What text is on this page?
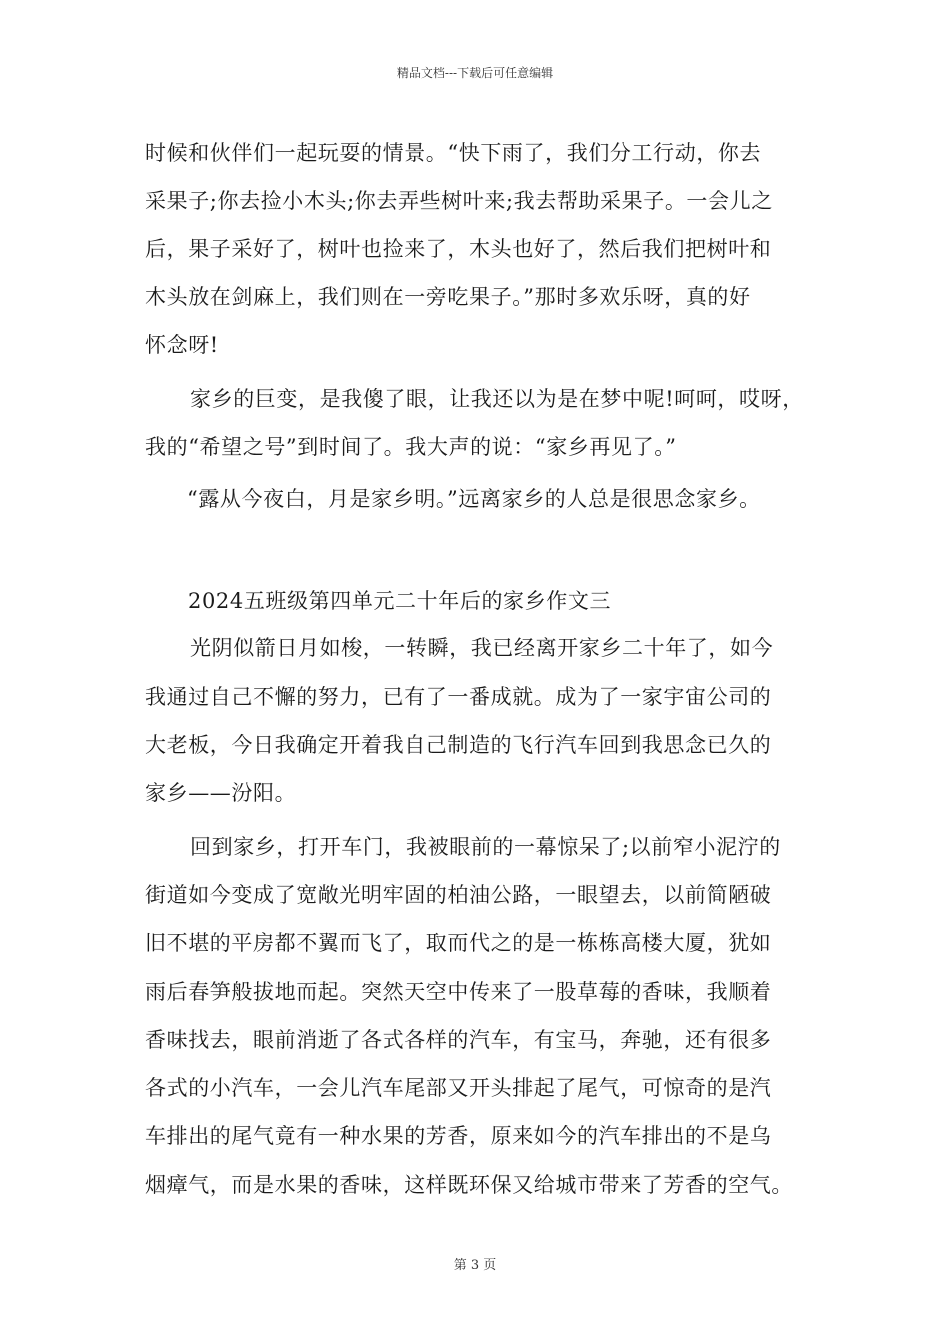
精品文档---下载后可任意编辑
时候和伙伴们一起玩耍的情景。“快下雨了，我们分工行动，你去
采果子;你去捡小木头;你去弄些树叶来;我去帮助采果子。一会儿之
后，果子采好了，树叶也捡来了，木头也好了，然后我们把树叶和
木头放在剑麻上，我们则在一旁吃果子。”那时多欢乐呀，真的好
怀念呀!
家乡的巨变，是我傻了眼，让我还以为是在梦中呢!呵呵，哎呀，
我的“希望之号”到时间了。我大声的说：“家乡再见了。”
“露从今夜白，月是家乡明。”远离家乡的人总是很思念家乡。
2024五班级第四单元二十年后的家乡作文三
光阴似箭日月如梭，一转瞬，我已经离开家乡二十年了，如今
我通过自己不懈的努力，已有了一番成就。成为了一家宇宙公司的
大老板，今日我确定开着我自己制造的飞行汽车回到我思念已久的
家乡——汾阳。
回到家乡，打开车门，我被眼前的一幕惊呆了;以前窄小泥泞的
街道如今变成了宽敞光明牢固的柏油公路，一眼望去，以前简陋破
旧不堪的平房都不翼而飞了，取而代之的是一栋栋高楼大厦，犹如
雨后春笋般拔地而起。突然天空中传来了一股草莓的香味，我顺着
香味找去，眼前消逝了各式各样的汽车，有宝马，奔驰，还有很多
各式的小汽车，一会儿汽车尾部又开头排起了尾气，可惊奇的是汽
车排出的尾气竟有一种水果的芳香，原来如今的汽车排出的不是乌
烟瘴气，而是水果的香味，这样既环保又给城市带来了芳香的空气。
第 3 页
